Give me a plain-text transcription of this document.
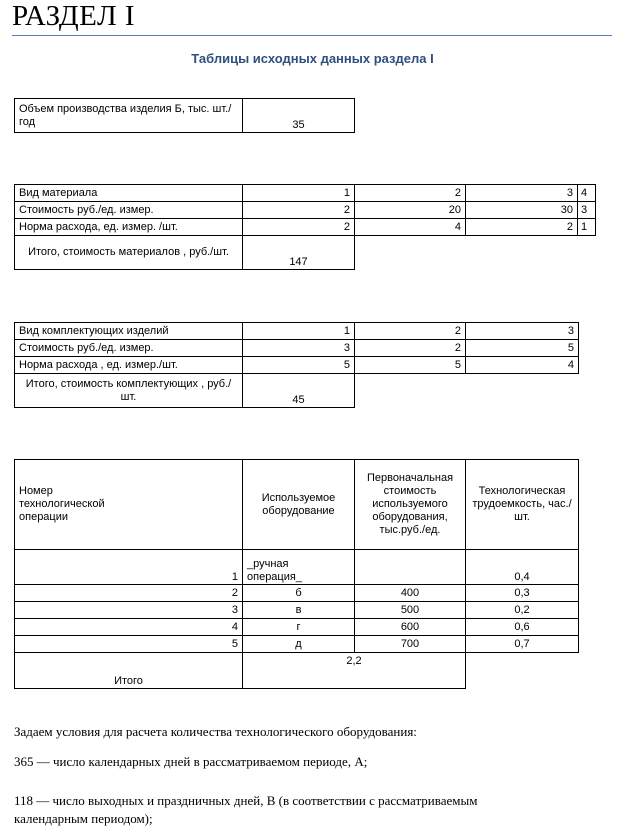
РАЗДЕЛ I
Таблицы исходных данных раздела I
Объем производства изделия Б, тыс. шт./год	35
Вид материала	1	2	3	4
Стоимость руб./ед. измер.	2	20	30	3
Норма расхода, ед. измер. /шт.	2	4	2	1
Итого, стоимость материалов , руб./шт.	147			
Вид комплектующих изделий	1	2	3
Стоимость руб./ед. измер.	3	2	5
Норма расхода , ед. измер./шт.	5	5	4
Итого, стоимость комплектующих , руб./шт.	45		
Номер технологической операции	Используемое оборудование	Первоначальная стоимость используемого оборудования, тыс.руб./ед.	Технологическая трудоемкость, час./шт.
1	_ручная операция_		0,4
2	б	400	0,3
3	в	500	0,2
4	г	600	0,6
5	д	700	0,7
Итого	2,2		
Задаем условия для расчета количества технологического оборудования:
365 — число календарных дней в рассматриваемом периоде, А;
118 — число выходных и праздничных дней, В (в соответствии с рассматриваемым
календарным периодом);
